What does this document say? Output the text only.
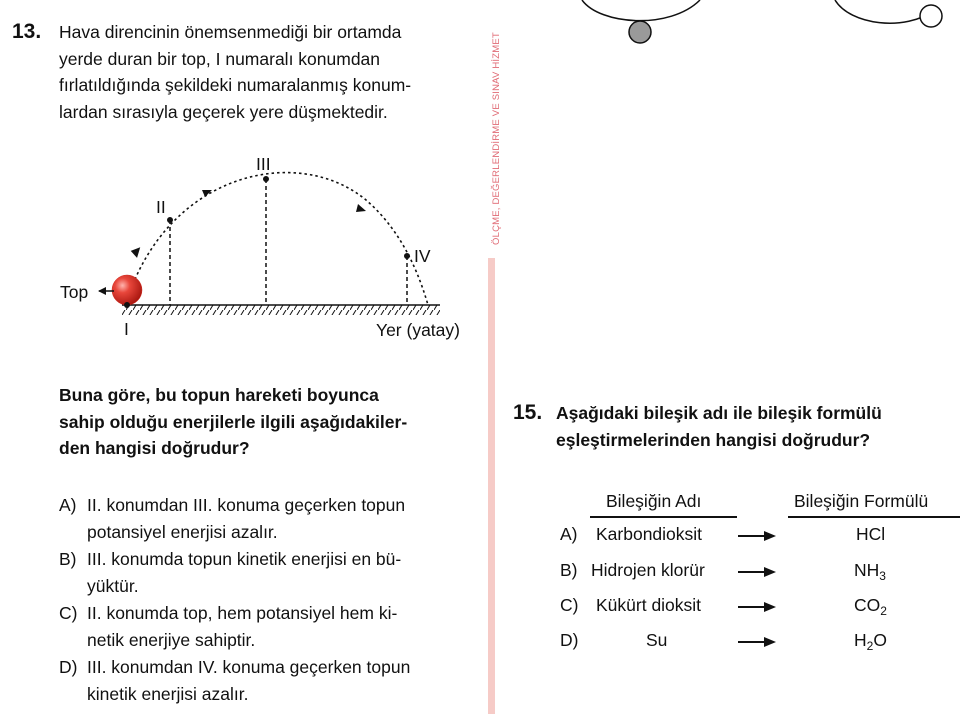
13. Hava direncinin önemsenmediği bir ortamda
yerde duran bir top, I numaralı konumdan
fırlatıldığında şekildeki numaralanmış konum-
lardan sırasıyla geçerek yere düşmektedir.
Top
I
II
III
IV
Yer (yatay)
Buna göre, bu topun hareketi boyunca
sahip olduğu enerjilerle ilgili aşağıdakiler-
den hangisi doğrudur?
A) II. konumdan III. konuma geçerken topun
potansiyel enerjisi azalır.
B) III. konumda topun kinetik enerjisi en bü-
yüktür.
C) II. konumda top, hem potansiyel hem ki-
netik enerjiye sahiptir.
D) III. konumdan IV. konuma geçerken topun
kinetik enerjisi azalır.
ÖLÇME, DEĞERLENDİRME VE SINAV HİZMET
15. Aşağıdaki bileşik adı ile bileşik formülü
eşleştirmelerinden hangisi doğrudur?
Bileşiğin Adı	Bileşiğin Formülü
A) Karbondioksit	HCl
B) Hidrojen klorür	$NH_3$
C) Kükürt dioksit	$CO_2$
D)	Su	$H_2O$
